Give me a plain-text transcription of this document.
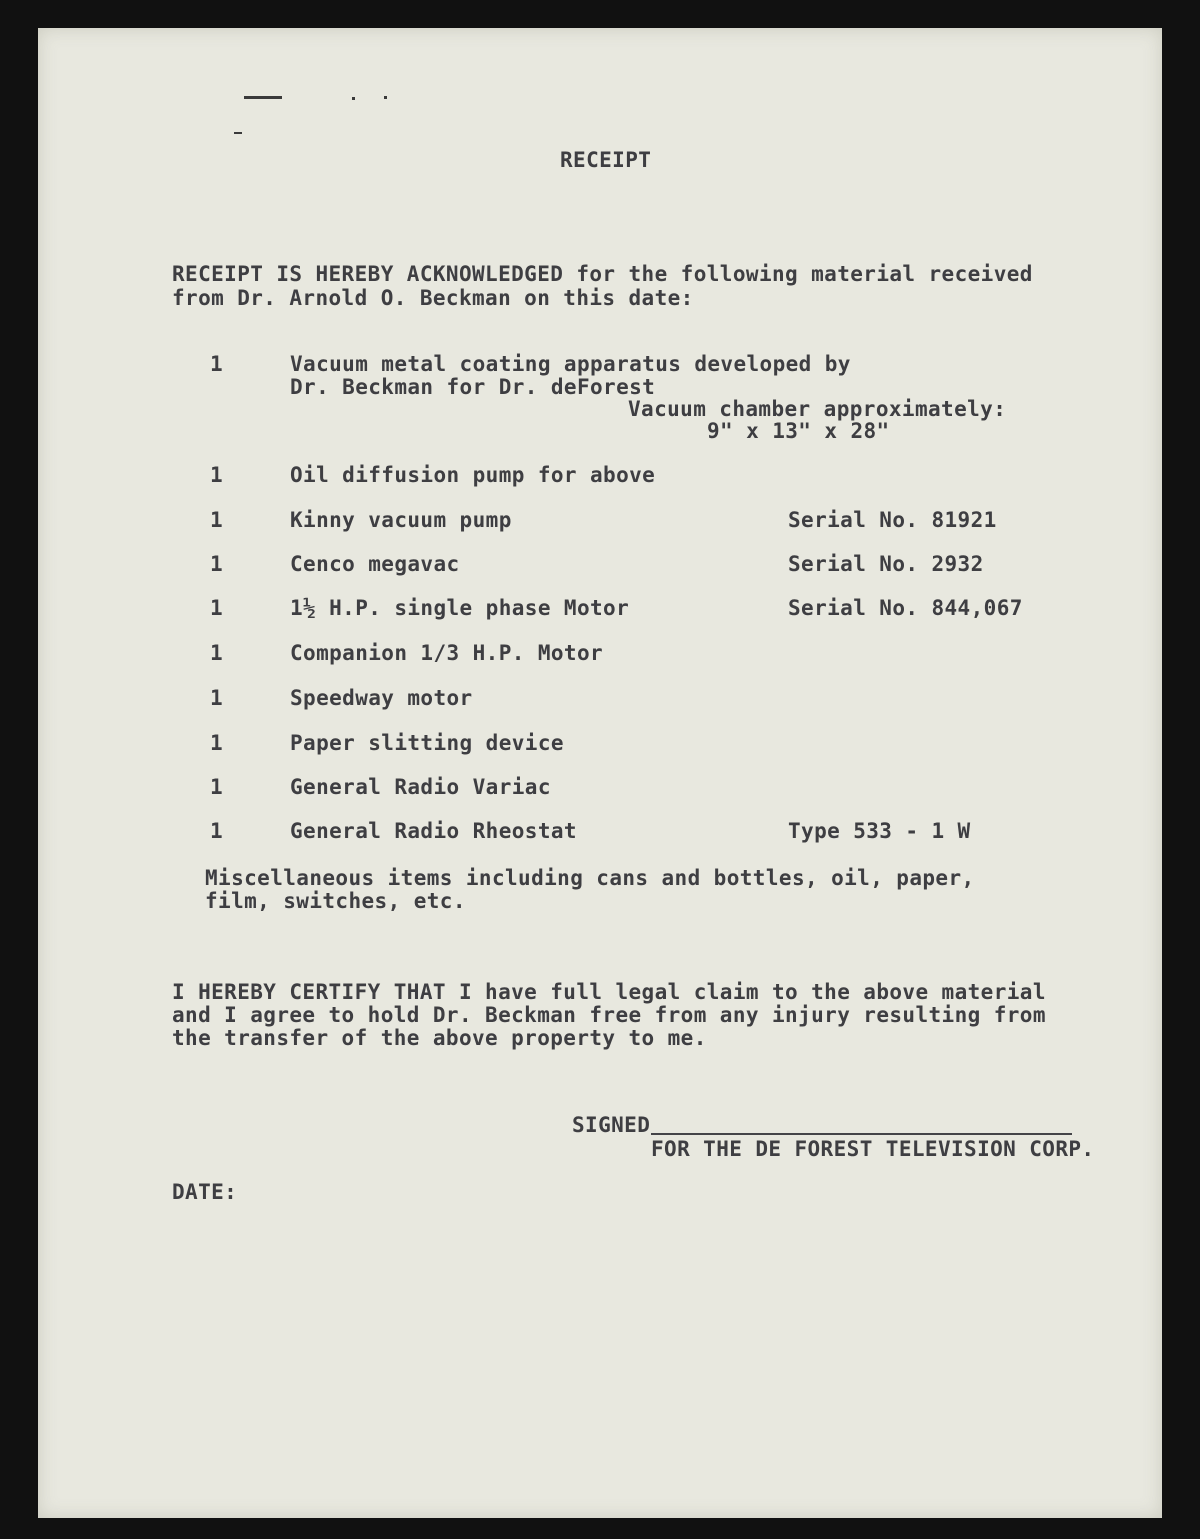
RECEIPT
RECEIPT IS HEREBY ACKNOWLEDGED for the following material received
from Dr. Arnold O. Beckman on this date:
1	Vacuum metal coating apparatus developed by
Dr. Beckman for Dr. deForest
Vacuum chamber approximately:
9" x 13" x 28"
1	Oil diffusion pump for above
1	Kinny vacuum pump	Serial No. 81921
1	Cenco megavac	Serial No. 2932
1	1½ H.P. single phase Motor	Serial No. 844,067
1	Companion 1/3 H.P. Motor
1	Speedway motor
1	Paper slitting device
1	General Radio Variac
1	General Radio Rheostat	Type 533 - 1 W
Miscellaneous items including cans and bottles, oil, paper,
film, switches, etc.
I HEREBY CERTIFY THAT I have full legal claim to the above material
and I agree to hold Dr. Beckman free from any injury resulting from
the transfer of the above property to me.
SIGNED
FOR THE DE FOREST TELEVISION CORP.
DATE:
